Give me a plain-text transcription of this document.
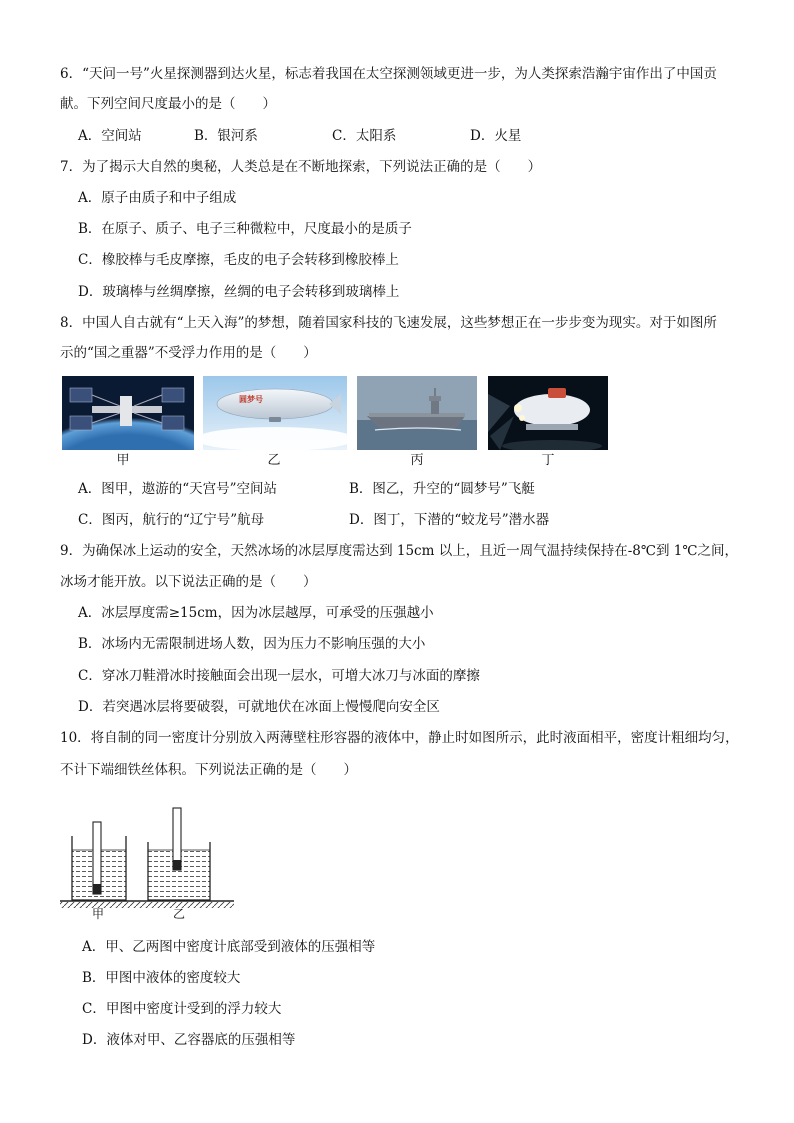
6．“天问一号”火星探测器到达火星，标志着我国在太空探测领域更进一步，为人类探索浩瀚宇宙作出了中国贡
献。下列空间尺度最小的是（　　）
A．空间站	B．银河系	C．太阳系	D．火星
7．为了揭示大自然的奥秘，人类总是在不断地探索，下列说法正确的是（　　）
A．原子由质子和中子组成
B．在原子、质子、电子三种微粒中，尺度最小的是质子
C．橡胶棒与毛皮摩擦，毛皮的电子会转移到橡胶棒上
D．玻璃棒与丝绸摩擦，丝绸的电子会转移到玻璃棒上
8．中国人自古就有“上天入海”的梦想，随着国家科技的飞速发展，这些梦想正在一步步变为现实。对于如图所
示的“国之重器”不受浮力作用的是（　　）
圆梦号
甲	乙	丙	丁
A．图甲，遨游的“天宫号”空间站	B．图乙，升空的“圆梦号”飞艇
C．图丙，航行的“辽宁号”航母	D．图丁，下潜的“蛟龙号”潜水器
9．为确保冰上运动的安全，天然冰场的冰层厚度需达到 15cm 以上，且近一周气温持续保持在-8℃到 1℃之间，
冰场才能开放。以下说法正确的是（　　）
A．冰层厚度需≥15cm，因为冰层越厚，可承受的压强越小
B．冰场内无需限制进场人数，因为压力不影响压强的大小
C．穿冰刀鞋滑冰时接触面会出现一层水，可增大冰刀与冰面的摩擦
D．若突遇冰层将要破裂，可就地伏在冰面上慢慢爬向安全区
10．将自制的同一密度计分别放入两薄壁柱形容器的液体中，静止时如图所示，此时液面相平，密度计粗细均匀，
不计下端细铁丝体积。下列说法正确的是（　　）
甲	乙
A．甲、乙两图中密度计底部受到液体的压强相等
B．甲图中液体的密度较大
C．甲图中密度计受到的浮力较大
D．液体对甲、乙容器底的压强相等
